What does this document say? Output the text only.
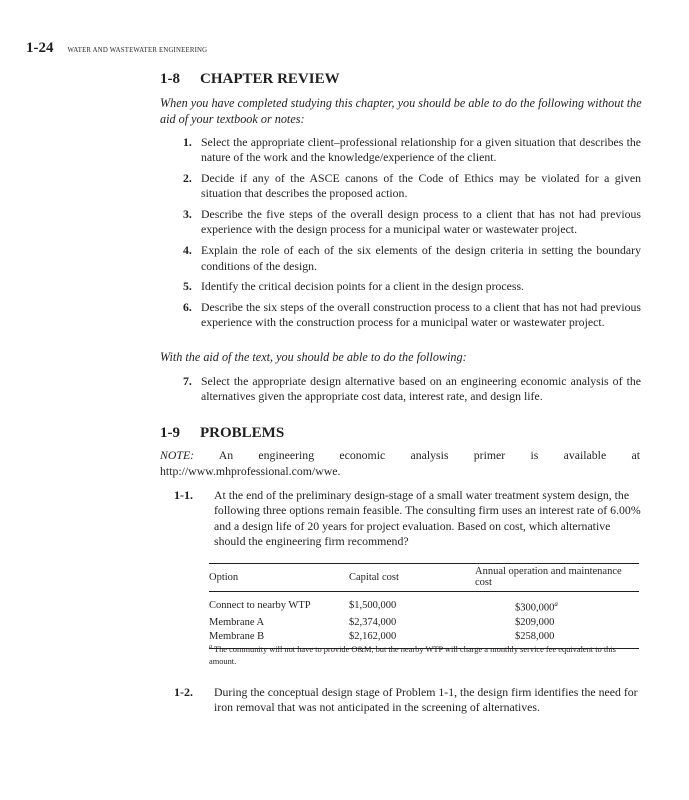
1-24 WATER AND WASTEWATER ENGINEERING
1-8 CHAPTER REVIEW
When you have completed studying this chapter, you should be able to do the following without the aid of your textbook or notes:
1. Select the appropriate client–professional relationship for a given situation that describes the nature of the work and the knowledge/experience of the client.
2. Decide if any of the ASCE canons of the Code of Ethics may be violated for a given situation that describes the proposed action.
3. Describe the five steps of the overall design process to a client that has not had previous experience with the design process for a municipal water or wastewater project.
4. Explain the role of each of the six elements of the design criteria in setting the boundary conditions of the design.
5. Identify the critical decision points for a client in the design process.
6. Describe the six steps of the overall construction process to a client that has not had previous experience with the construction process for a municipal water or wastewater project.
With the aid of the text, you should be able to do the following:
7. Select the appropriate design alternative based on an engineering economic analysis of the alternatives given the appropriate cost data, interest rate, and design life.
1-9 PROBLEMS
NOTE: An engineering economic analysis primer is available at http://www.mhprofessional.com/wwe.
1-1. At the end of the preliminary design-stage of a small water treatment system design, the following three options remain feasible. The consulting firm uses an interest rate of 6.00% and a design life of 20 years for project evaluation. Based on cost, which alternative should the engineering firm recommend?
Option	Capital cost	Annual operation and maintenance cost
Connect to nearby WTP	$1,500,000	$300,000$^a$
Membrane A	$2,374,000	$209,000
Membrane B	$2,162,000	$258,000
$^a$ The community will not have to provide O&M, but the nearby WTP will charge a monthly service fee equivalent to this amount.
1-2. During the conceptual design stage of Problem 1-1, the design firm identifies the need for iron removal that was not anticipated in the screening of alternatives.
